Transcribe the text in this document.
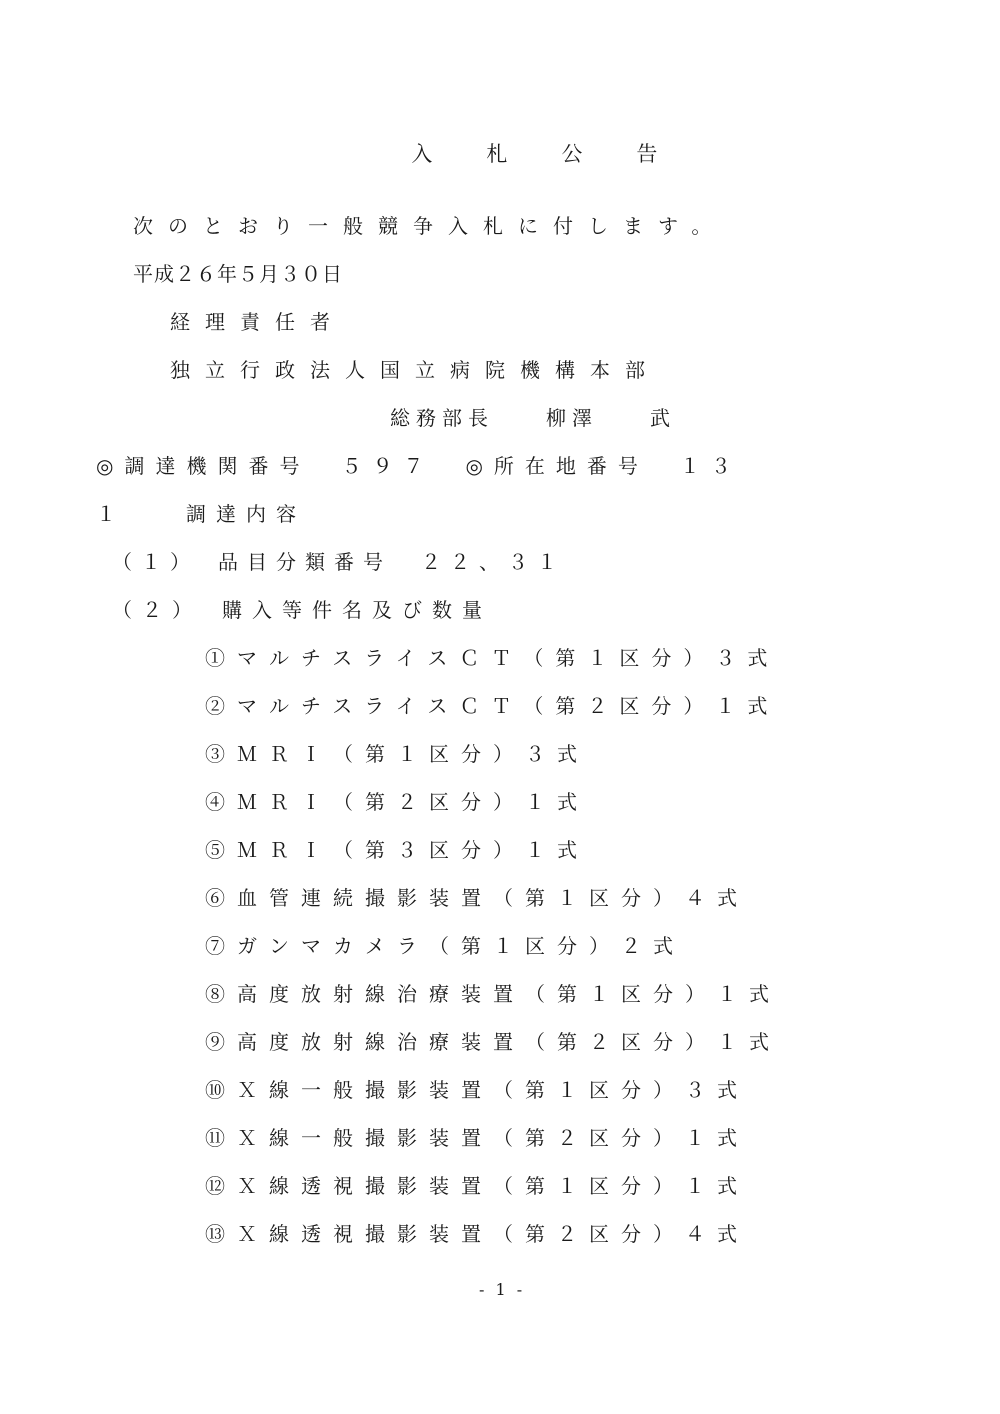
入	札	公	告

次のとおり一般競争入札に付します。
平成２６年５月３０日
経理責任者
独立行政法人国立病院機構本部
総務部長　　柳澤　　武
◎調達機関番号　５９７　◎所在地番号　１３
１　　調達内容
（１）　品目分類番号　２２、３１
（２）　購入等件名及び数量
①マルチスライスＣＴ（第１区分）３式
②マルチスライスＣＴ（第２区分）１式
③ＭＲＩ（第１区分）３式
④ＭＲＩ（第２区分）１式
⑤ＭＲＩ（第３区分）１式
⑥血管連続撮影装置（第１区分）４式
⑦ガンマカメラ（第１区分）２式
⑧高度放射線治療装置（第１区分）１式
⑨高度放射線治療装置（第２区分）１式
⑩Ｘ線一般撮影装置（第１区分）３式
⑪Ｘ線一般撮影装置（第２区分）１式
⑫Ｘ線透視撮影装置（第１区分）１式
⑬Ｘ線透視撮影装置（第２区分）４式
- 1 -
